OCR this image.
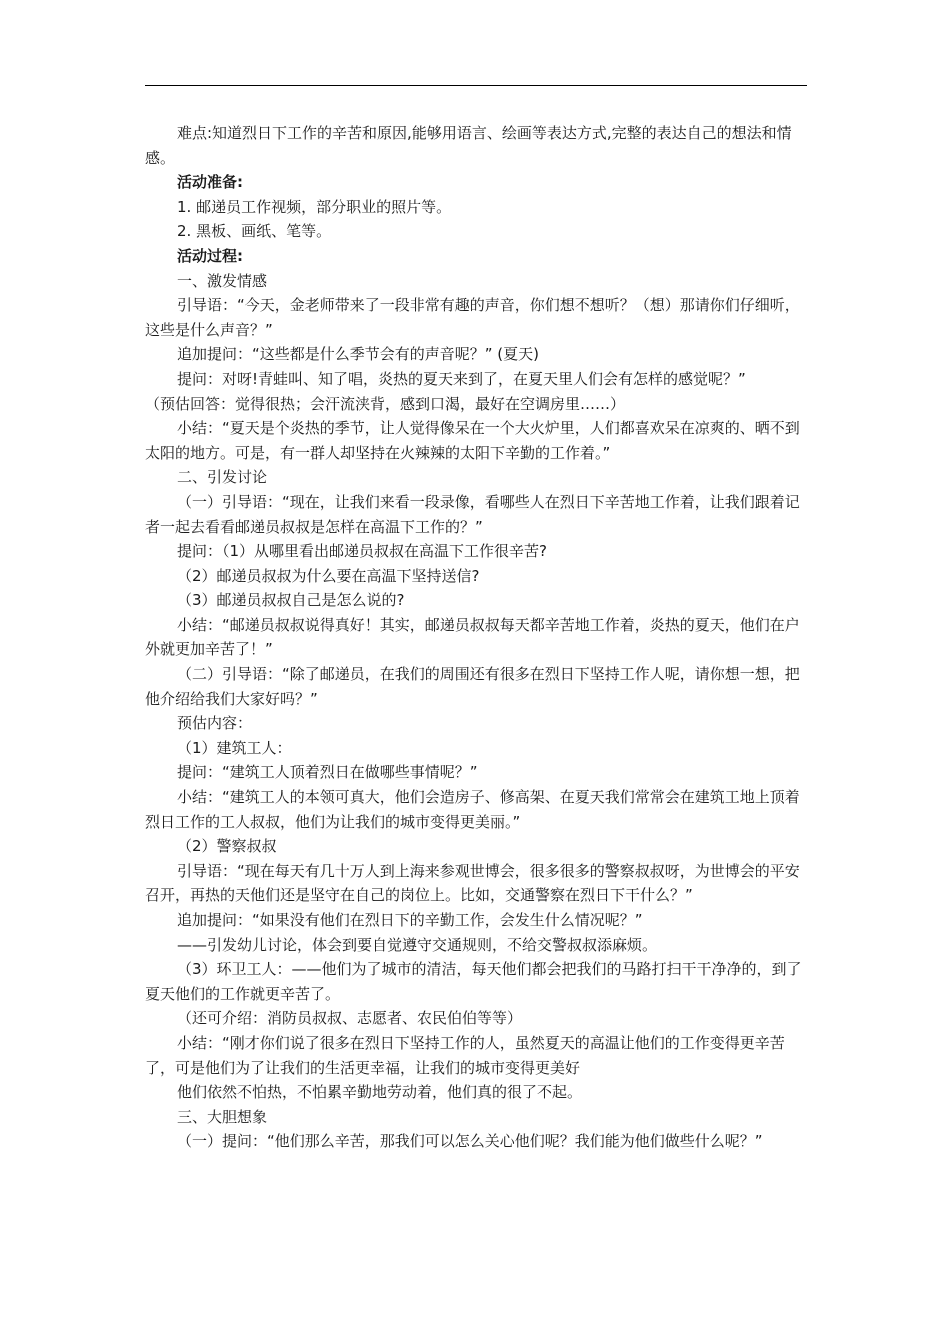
难点:知道烈日下工作的辛苦和原因,能够用语言、绘画等表达方式,完整的表达自己的想法和情感。

活动准备:

1. 邮递员工作视频，部分职业的照片等。

2. 黑板、画纸、笔等。

活动过程:

一、激发情感

引导语：“今天，金老师带来了一段非常有趣的声音，你们想不想听？（想）那请你们仔细听，这些是什么声音？”

追加提问：“这些都是什么季节会有的声音呢？” (夏天)

提问：对呀!青蛙叫、知了唱，炎热的夏天来到了，在夏天里人们会有怎样的感觉呢？”

（预估回答：觉得很热；会汗流浃背，感到口渴，最好在空调房里……）

小结：“夏天是个炎热的季节，让人觉得像呆在一个大火炉里，人们都喜欢呆在凉爽的、晒不到太阳的地方。可是，有一群人却坚持在火辣辣的太阳下辛勤的工作着。”

二、引发讨论

（一）引导语：“现在，让我们来看一段录像，看哪些人在烈日下辛苦地工作着，让我们跟着记者一起去看看邮递员叔叔是怎样在高温下工作的？”

提问：（1）从哪里看出邮递员叔叔在高温下工作很辛苦?

（2）邮递员叔叔为什么要在高温下坚持送信?

（3）邮递员叔叔自己是怎么说的?

小结：“邮递员叔叔说得真好！其实，邮递员叔叔每天都辛苦地工作着，炎热的夏天，他们在户外就更加辛苦了！”

（二）引导语：“除了邮递员，在我们的周围还有很多在烈日下坚持工作人呢，请你想一想，把他介绍给我们大家好吗？”

预估内容：

（1）建筑工人：

提问：“建筑工人顶着烈日在做哪些事情呢？”

小结：“建筑工人的本领可真大，他们会造房子、修高架、在夏天我们常常会在建筑工地上顶着烈日工作的工人叔叔，他们为让我们的城市变得更美丽。”

（2）警察叔叔

引导语：“现在每天有几十万人到上海来参观世博会，很多很多的警察叔叔呀，为世博会的平安召开，再热的天他们还是坚守在自己的岗位上。比如，交通警察在烈日下干什么？”

追加提问：“如果没有他们在烈日下的辛勤工作，会发生什么情况呢？”

——引发幼儿讨论，体会到要自觉遵守交通规则，不给交警叔叔添麻烦。

（3）环卫工人：——他们为了城市的清洁，每天他们都会把我们的马路打扫干干净净的，到了夏天他们的工作就更辛苦了。

（还可介绍：消防员叔叔、志愿者、农民伯伯等等）

小结：“刚才你们说了很多在烈日下坚持工作的人，虽然夏天的高温让他们的工作变得更辛苦了，可是他们为了让我们的生活更幸福，让我们的城市变得更美好

他们依然不怕热，不怕累辛勤地劳动着，他们真的很了不起。

三、大胆想象

（一）提问：“他们那么辛苦，那我们可以怎么关心他们呢？我们能为他们做些什么呢？”
